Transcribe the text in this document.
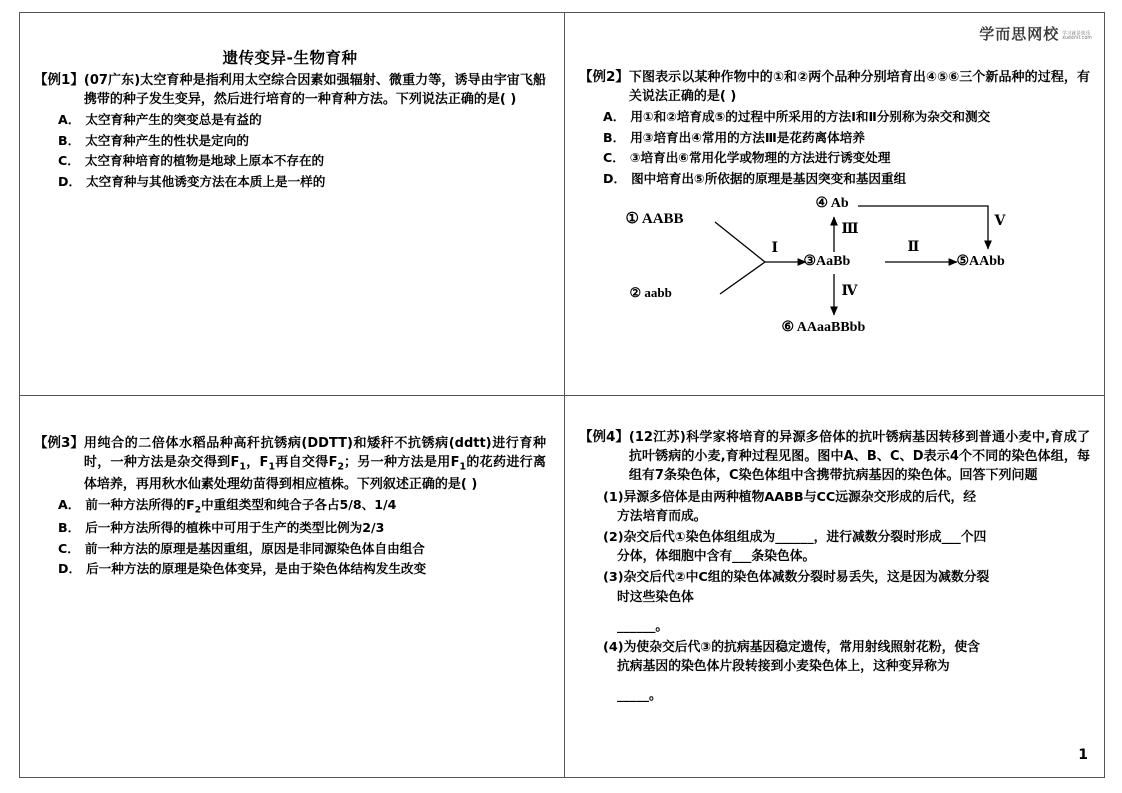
遗传变异-生物育种
【例1】 (07广东)太空育种是指利用太空综合因素如强辐射、微重力等，诱导由宇宙飞船携带的种子发生变异，然后进行培育的一种育种方法。下列说法正确的是( )
A． 太空育种产生的突变总是有益的
B． 太空育种产生的性状是定向的
C． 太空育种培育的植物是地球上原本不存在的
D． 太空育种与其他诱变方法在本质上是一样的
学而思网校 学习就是快乐
xueersi.com
【例2】 下图表示以某种作物中的①和②两个品种分别培育出④⑤⑥三个新品种的过程，有关说法正确的是( )
A． 用①和②培育成⑤的过程中所采用的方法Ⅰ和Ⅱ分别称为杂交和测交
B． 用③培育出④常用的方法Ⅲ是花药离体培养
C． ③培育出⑥常用化学或物理的方法进行诱变处理
D． 图中培育出⑤所依据的原理是基因突变和基因重组
① AABB
② aabb
③AaBb
④ Ab
⑤AAbb
⑥ AAaaBBbb
Ⅰ	Ⅱ
Ⅲ
Ⅳ
Ⅴ
【例3】 用纯合的二倍体水稻品种高秆抗锈病(DDTT)和矮秆不抗锈病(ddtt)进行育种时，一种方法是杂交得到$F_1$，$F_1$再自交得$F_2$；另一种方法是用$F_1$的花药进行离体培养，再用秋水仙素处理幼苗得到相应植株。下列叙述正确的是( )
A． 前一种方法所得的$F_2$中重组类型和纯合子各占5/8、1/4
B． 后一种方法所得的植株中可用于生产的类型比例为2/3
C． 前一种方法的原理是基因重组，原因是非同源染色体自由组合
D． 后一种方法的原理是染色体变异，是由于染色体结构发生改变
【例4】 (12江苏)科学家将培育的异源多倍体的抗叶锈病基因转移到普通小麦中,育成了抗叶锈病的小麦,育种过程见图。图中A、B、C、D表示4个不同的染色体组，每组有7条染色体，C染色体组中含携带抗病基因的染色体。回答下列问题
(1)异源多倍体是由两种植物AABB与CC远源杂交形成的后代，经
方法培育而成。
(2)杂交后代①染色体组组成为______，进行减数分裂时形成___个四
分体，体细胞中含有___条染色体。
(3)杂交后代②中C组的染色体减数分裂时易丢失，这是因为减数分裂
时这些染色体
______。
(4)为使杂交后代③的抗病基因稳定遗传，常用射线照射花粉，使含
抗病基因的染色体片段转接到小麦染色体上，这种变异称为
_____。
1
